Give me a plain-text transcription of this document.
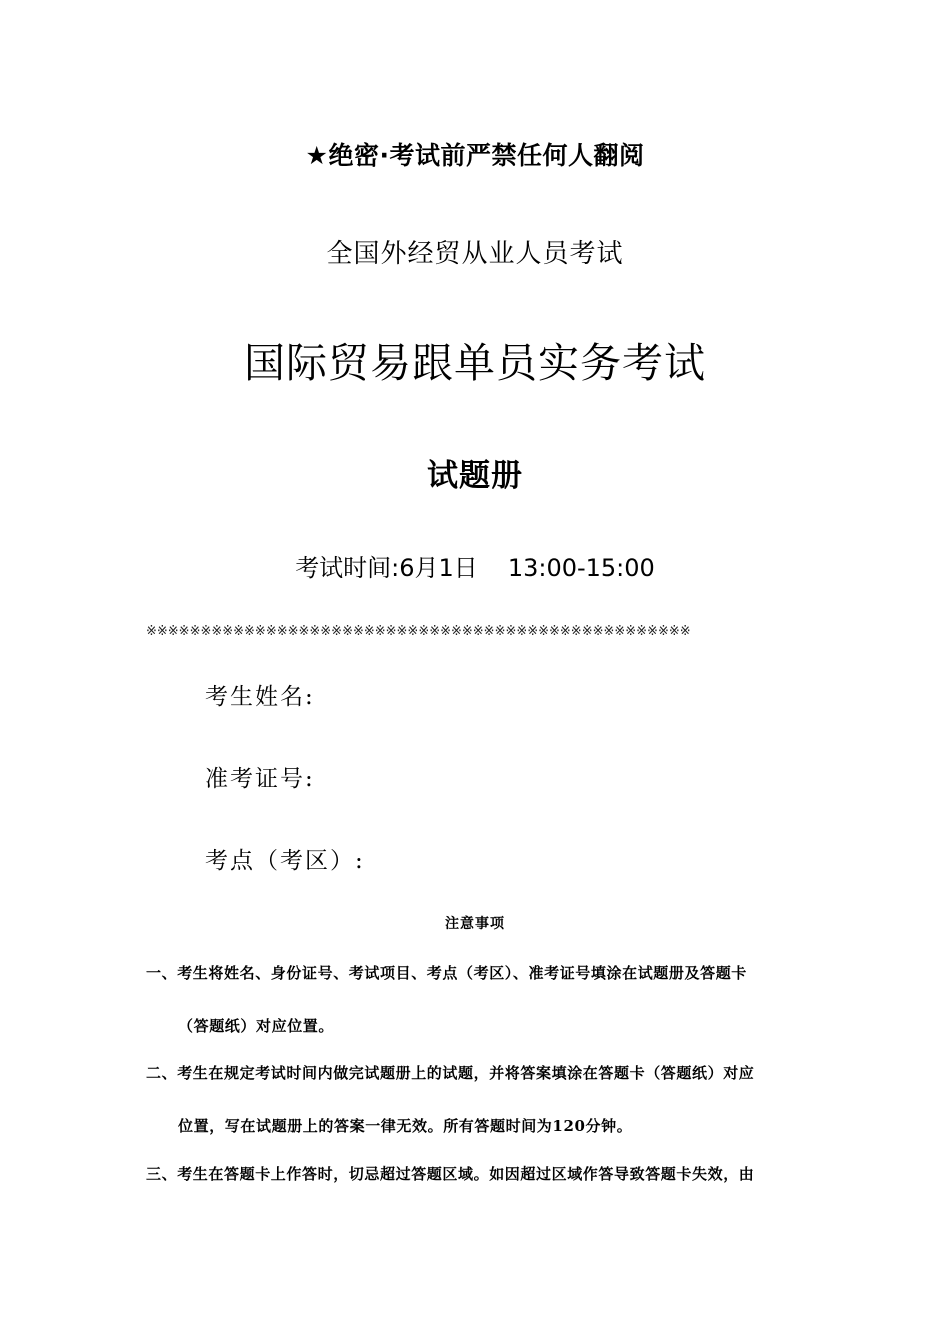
★绝密·考试前严禁任何人翻阅
全国外经贸从业人员考试
国际贸易跟单员实务考试
试题册
考试时间:6月1日 13:00-15:00
※※※※※※※※※※※※※※※※※※※※※※※※※※※※※※※※※※※※※※※※※※※※※※※※※※
考生姓名:
准考证号:
考点（考区）:
注意事项
一、考生将姓名、身份证号、考试项目、考点（考区）、准考证号填涂在试题册及答题卡
（答题纸）对应位置。
二、考生在规定考试时间内做完试题册上的试题，并将答案填涂在答题卡（答题纸）对应
位置，写在试题册上的答案一律无效。所有答题时间为120分钟。
三、考生在答题卡上作答时，切忌超过答题区域。如因超过区域作答导致答题卡失效，由
